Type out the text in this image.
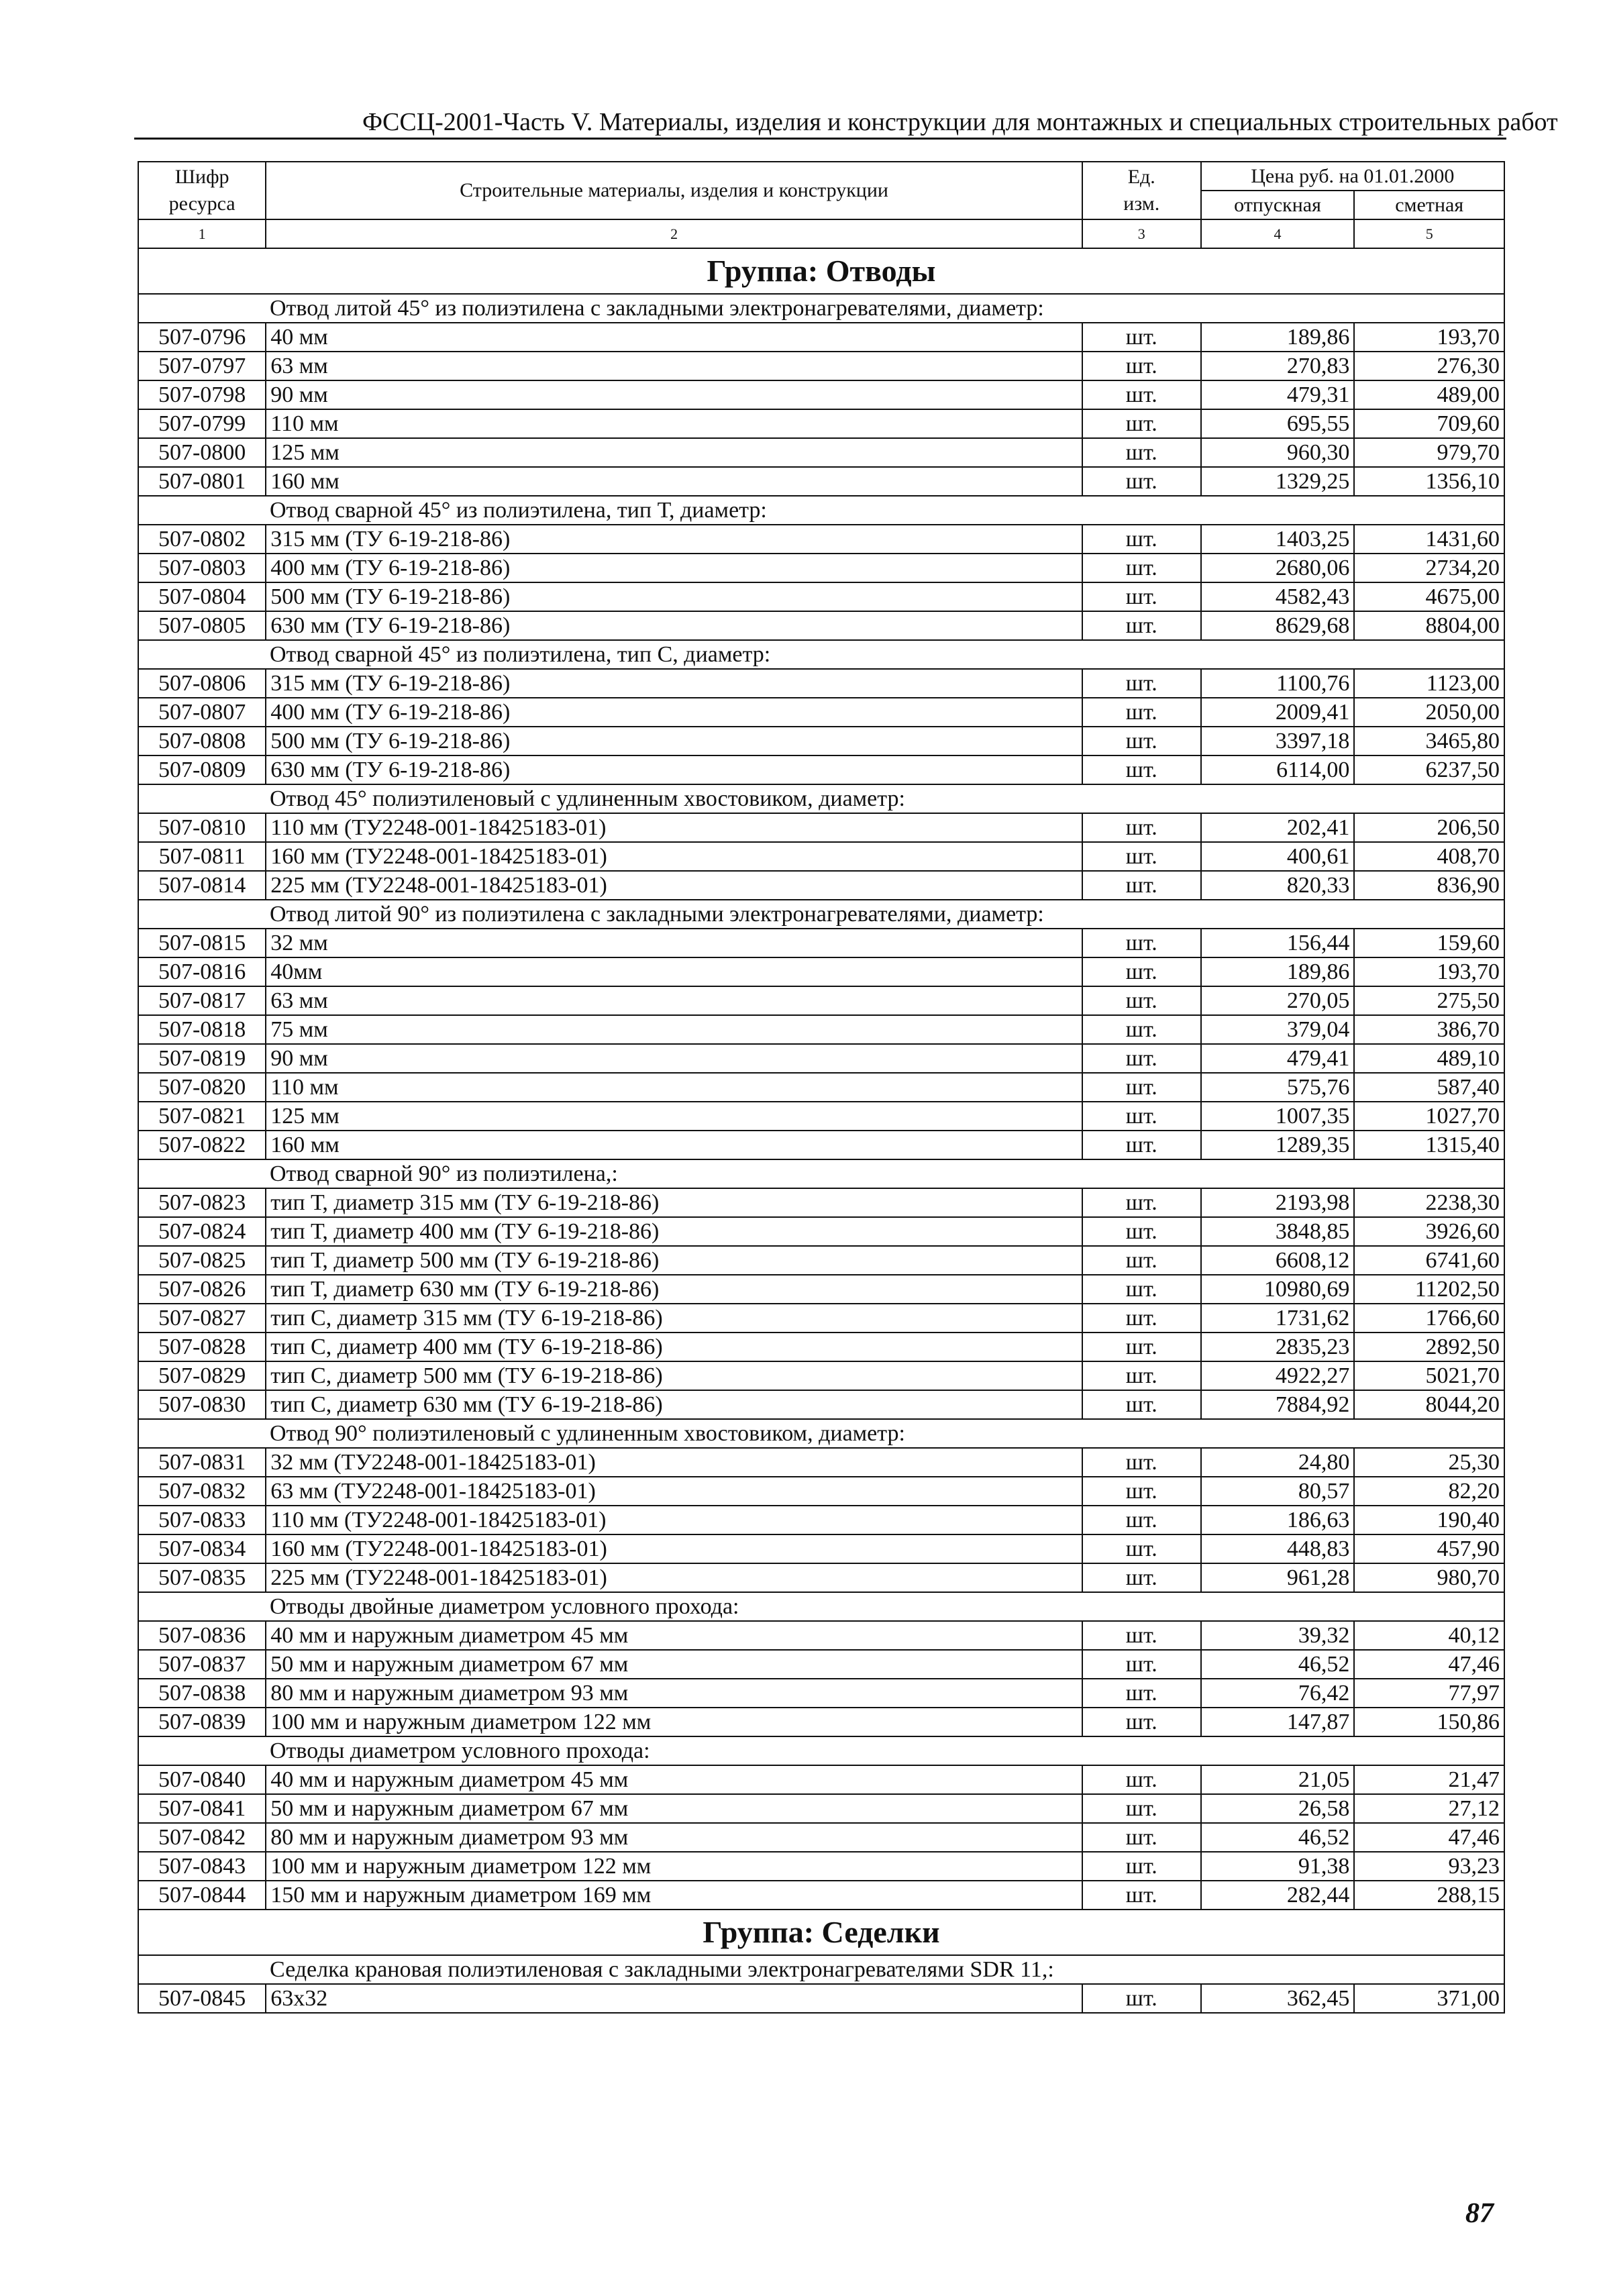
ФССЦ-2001-Часть V. Материалы, изделия и конструкции для монтажных и специальных строительных работ
Шифр
ресурса	Строительные материалы, изделия и конструкции	Ед.
изм.	Цена руб. на 01.01.2000	
			отпускная	сметная
1	2	3	4	5
Группа: Отводы				
Отвод литой 45° из полиэтилена с закладными электронагревателями, диаметр:				
507-0796	40 мм	шт.	189,86	193,70
507-0797	63 мм	шт.	270,83	276,30
507-0798	90 мм	шт.	479,31	489,00
507-0799	110 мм	шт.	695,55	709,60
507-0800	125 мм	шт.	960,30	979,70
507-0801	160 мм	шт.	1329,25	1356,10
Отвод сварной 45° из полиэтилена, тип Т, диаметр:				
507-0802	315 мм (ТУ 6-19-218-86)	шт.	1403,25	1431,60
507-0803	400 мм (ТУ 6-19-218-86)	шт.	2680,06	2734,20
507-0804	500 мм (ТУ 6-19-218-86)	шт.	4582,43	4675,00
507-0805	630 мм (ТУ 6-19-218-86)	шт.	8629,68	8804,00
Отвод сварной 45° из полиэтилена, тип С, диаметр:				
507-0806	315 мм (ТУ 6-19-218-86)	шт.	1100,76	1123,00
507-0807	400 мм (ТУ 6-19-218-86)	шт.	2009,41	2050,00
507-0808	500 мм (ТУ 6-19-218-86)	шт.	3397,18	3465,80
507-0809	630 мм (ТУ 6-19-218-86)	шт.	6114,00	6237,50
Отвод 45° полиэтиленовый с удлиненным хвостовиком, диаметр:				
507-0810	110 мм (ТУ2248-001-18425183-01)	шт.	202,41	206,50
507-0811	160 мм (ТУ2248-001-18425183-01)	шт.	400,61	408,70
507-0814	225 мм (ТУ2248-001-18425183-01)	шт.	820,33	836,90
Отвод литой 90° из полиэтилена с закладными электронагревателями, диаметр:				
507-0815	32 мм	шт.	156,44	159,60
507-0816	40мм	шт.	189,86	193,70
507-0817	63 мм	шт.	270,05	275,50
507-0818	75 мм	шт.	379,04	386,70
507-0819	90 мм	шт.	479,41	489,10
507-0820	110 мм	шт.	575,76	587,40
507-0821	125 мм	шт.	1007,35	1027,70
507-0822	160 мм	шт.	1289,35	1315,40
Отвод сварной 90° из полиэтилена,:				
507-0823	тип Т, диаметр 315 мм (ТУ 6-19-218-86)	шт.	2193,98	2238,30
507-0824	тип Т, диаметр 400 мм (ТУ 6-19-218-86)	шт.	3848,85	3926,60
507-0825	тип Т, диаметр 500 мм (ТУ 6-19-218-86)	шт.	6608,12	6741,60
507-0826	тип Т, диаметр 630 мм (ТУ 6-19-218-86)	шт.	10980,69	11202,50
507-0827	тип С, диаметр 315 мм (ТУ 6-19-218-86)	шт.	1731,62	1766,60
507-0828	тип С, диаметр 400 мм (ТУ 6-19-218-86)	шт.	2835,23	2892,50
507-0829	тип С, диаметр 500 мм (ТУ 6-19-218-86)	шт.	4922,27	5021,70
507-0830	тип С, диаметр 630 мм (ТУ 6-19-218-86)	шт.	7884,92	8044,20
Отвод 90° полиэтиленовый с удлиненным хвостовиком, диаметр:				
507-0831	32 мм (ТУ2248-001-18425183-01)	шт.	24,80	25,30
507-0832	63 мм (ТУ2248-001-18425183-01)	шт.	80,57	82,20
507-0833	110 мм (ТУ2248-001-18425183-01)	шт.	186,63	190,40
507-0834	160 мм (ТУ2248-001-18425183-01)	шт.	448,83	457,90
507-0835	225 мм (ТУ2248-001-18425183-01)	шт.	961,28	980,70
Отводы двойные диаметром условного прохода:				
507-0836	40 мм и наружным диаметром 45 мм	шт.	39,32	40,12
507-0837	50 мм и наружным диаметром 67 мм	шт.	46,52	47,46
507-0838	80 мм и наружным диаметром 93 мм	шт.	76,42	77,97
507-0839	100 мм и наружным диаметром 122 мм	шт.	147,87	150,86
Отводы диаметром условного прохода:				
507-0840	40 мм и наружным диаметром 45 мм	шт.	21,05	21,47
507-0841	50 мм и наружным диаметром 67 мм	шт.	26,58	27,12
507-0842	80 мм и наружным диаметром 93 мм	шт.	46,52	47,46
507-0843	100 мм и наружным диаметром 122 мм	шт.	91,38	93,23
507-0844	150 мм и наружным диаметром 169 мм	шт.	282,44	288,15
Группа: Седелки				
Седелка крановая полиэтиленовая с закладными электронагревателями SDR 11,:				
507-0845	63x32	шт.	362,45	371,00
87
